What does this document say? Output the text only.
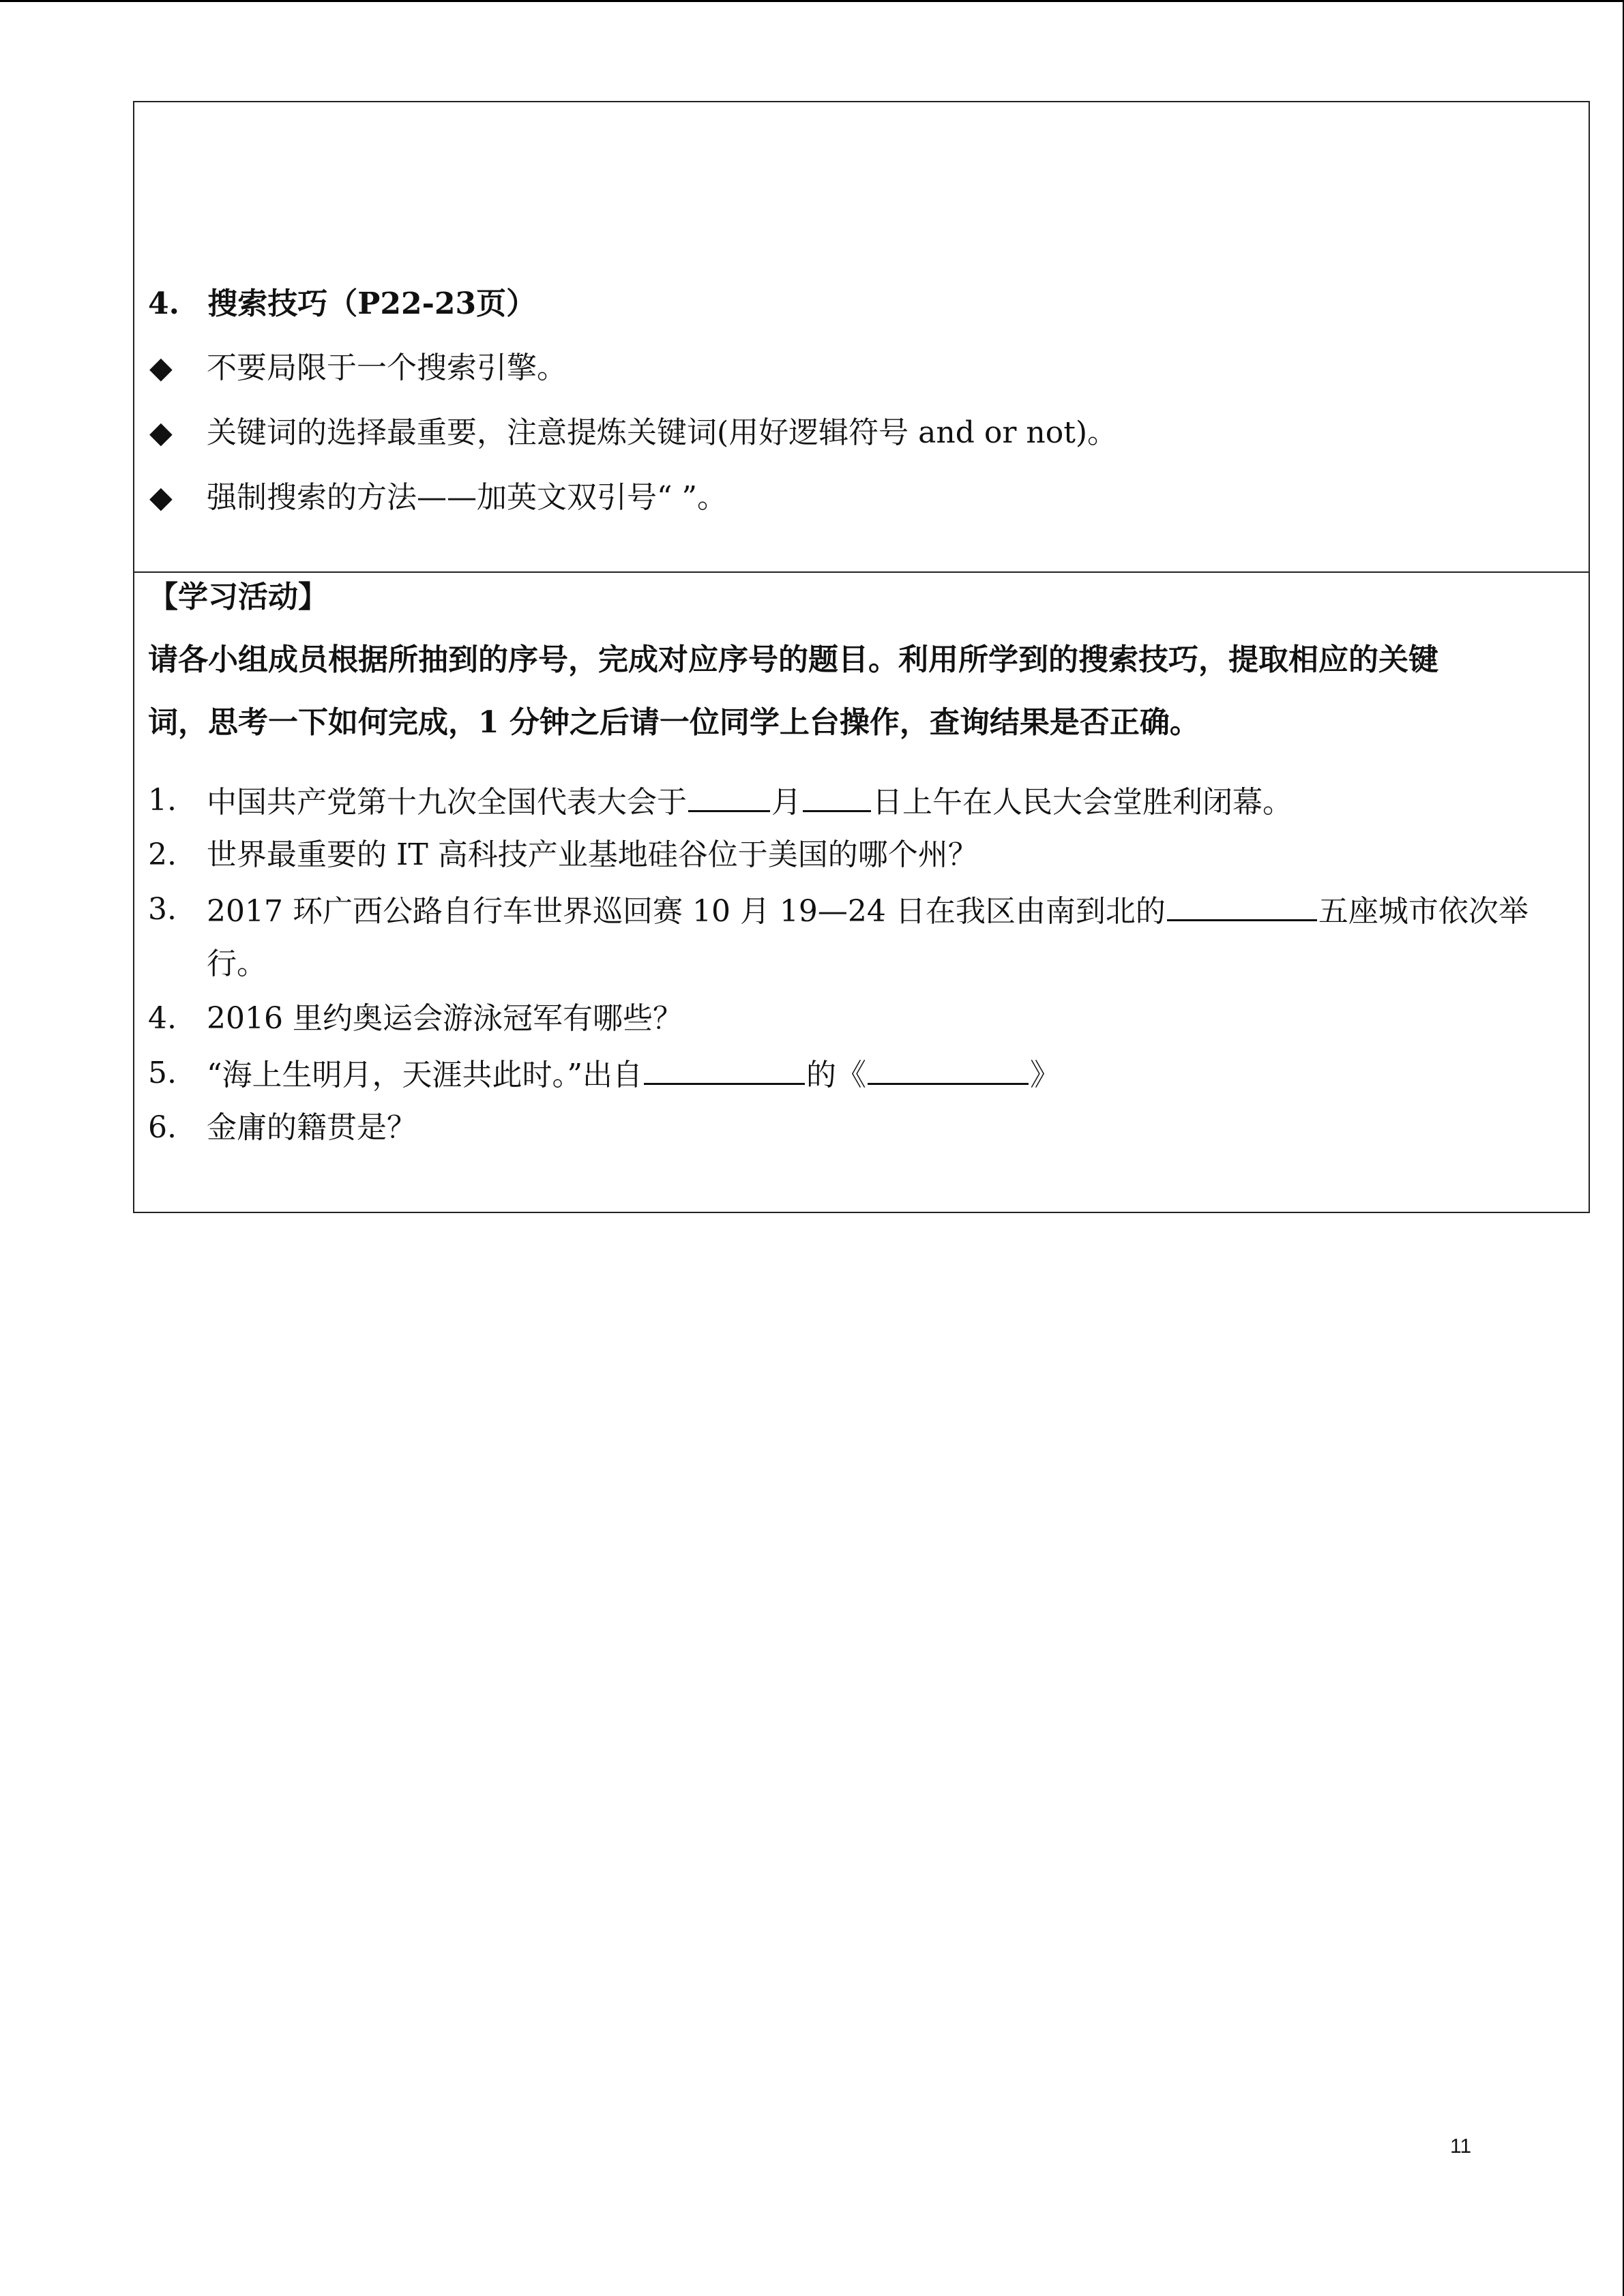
4. 搜索技巧（P22-23页）
◆ 不要局限于一个搜索引擎。
◆ 关键词的选择最重要，注意提炼关键词(用好逻辑符号 and or not)。
◆ 强制搜索的方法——加英文双引号“ ”。
【学习活动】
请各小组成员根据所抽到的序号，完成对应序号的题目。利用所学到的搜索技巧，提取相应的关键
词，思考一下如何完成，1 分钟之后请一位同学上台操作，查询结果是否正确。
1. 中国共产党第十九次全国代表大会于	月 日上午在人民大会堂胜利闭幕。
2. 世界最重要的 IT 高科技产业基地硅谷位于美国的哪个州？
3. 2017 环广西公路自行车世界巡回赛 10 月 19—24 日在我区由南到北的	五座城市依次举
行。
4. 2016 里约奥运会游泳冠军有哪些？
5. “海上生明月，天涯共此时。”出自	的《	》
6. 金庸的籍贯是？
11
